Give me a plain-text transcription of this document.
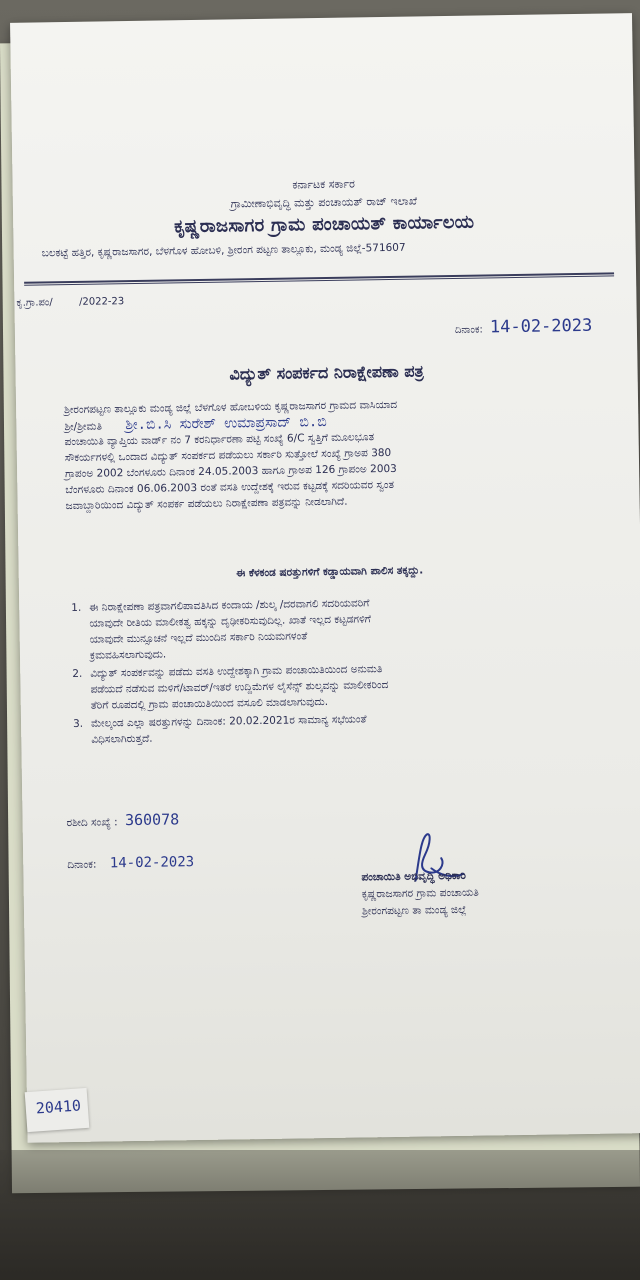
ಕರ್ನಾಟಕ ಸರ್ಕಾರ
ಗ್ರಾಮೀಣಾಭಿವೃದ್ಧಿ ಮತ್ತು ಪಂಚಾಯತ್ ರಾಜ್ ಇಲಾಖೆ
ಕೃಷ್ಣರಾಜಸಾಗರ ಗ್ರಾಮ ಪಂಚಾಯತ್ ಕಾರ್ಯಾಲಯ
ಬಲಕಟ್ಟೆ ಹತ್ತಿರ, ಕೃಷ್ಣರಾಜಸಾಗರ, ಬೆಳಗೊಳ ಹೋಬಳಿ, ಶ್ರೀರಂಗ ಪಟ್ಟಣ ತಾಲ್ಲೂಕು, ಮಂಡ್ಯ ಜಿಲ್ಲೆ-571607
ಕೃ.ಗ್ರಾ.ಪಂ/	/2022-23
ದಿನಾಂಕ: 14-02-2023
ವಿದ್ಯುತ್ ಸಂಪರ್ಕದ ನಿರಾಕ್ಷೇಪಣಾ ಪತ್ರ
ಶ್ರೀರಂಗಪಟ್ಟಣ ತಾಲ್ಲೂಕು ಮಂಡ್ಯ ಜಿಲ್ಲೆ ಬೆಳಗೊಳ ಹೋಬಳಿಯ ಕೃಷ್ಣರಾಜಸಾಗರ ಗ್ರಾಮದ ವಾಸಿಯಾದ
ಶ್ರೀ/ಶ್ರೀಮತಿ ಶ್ರೀ.ಬಿ.ಸಿ ಸುರೇಶ್ ಉಮಾಪ್ರಸಾದ್ ಬಿ.ಬಿ
ಪಂಚಾಯಿತಿ ವ್ಯಾಪ್ತಿಯ ವಾರ್ಡ್ ನಂ 7 ಕರನಿರ್ಧಾರಣಾ ಪಟ್ಟಿ ಸಂಖ್ಯೆ 6/C ಸ್ವತ್ತಿಗೆ ಮೂಲಭೂತ
ಸೌಕರ್ಯಗಳಲ್ಲಿ ಒಂದಾದ ವಿದ್ಯುತ್ ಸಂಪರ್ಕದ ಪಡೆಯಲು ಸರ್ಕಾರಿ ಸುತ್ತೋಲೆ ಸಂಖ್ಯೆ ಗ್ರಾಅಪ 380
ಗ್ರಾಪಂಅ 2002 ಬೆಂಗಳೂರು ದಿನಾಂಕ 24.05.2003 ಹಾಗೂ ಗ್ರಾಅಪ 126 ಗ್ರಾಪಂಅ 2003
ಬೆಂಗಳೂರು ದಿನಾಂಕ 06.06.2003 ರಂತೆ ವಸತಿ ಉದ್ದೇಶಕ್ಕೆ ಇರುವ ಕಟ್ಟಡಕ್ಕೆ ಸದರಿಯವರ ಸ್ವಂತ
ಜವಾಬ್ದಾರಿಯಿಂದ ವಿದ್ಯುತ್ ಸಂಪರ್ಕ ಪಡೆಯಲು ನಿರಾಕ್ಷೇಪಣಾ ಪತ್ರವನ್ನು ನೀಡಲಾಗಿದೆ.
ಈ ಕೆಳಕಂಡ ಷರತ್ತುಗಳಿಗೆ ಕಡ್ಡಾಯವಾಗಿ ಪಾಲಿಸ ತಕ್ಕದ್ದು.
1. ಈ ನಿರಾಕ್ಷೇಪಣಾ ಪತ್ರವಾಗಲಿಪಾವತಿಸಿದ ಕಂದಾಯ /ಶುಲ್ಕ /ದರವಾಗಲಿ ಸದರಿಯವರಿಗೆ
ಯಾವುದೇ ರೀತಿಯ ಮಾಲೀಕತ್ವ ಹಕ್ಕನ್ನು ದೃಢೀಕರಿಸುವುದಿಲ್ಲ. ಖಾತೆ ಇಲ್ಲದ ಕಟ್ಟಡಗಳಿಗೆ
ಯಾವುದೇ ಮುನ್ಸೂಚನೆ ಇಲ್ಲದೆ ಮುಂದಿನ ಸರ್ಕಾರಿ ನಿಯಮಗಳಂತೆ
ಕ್ರಮವಹಿಸಲಾಗುವುದು.
2. ವಿದ್ಯುತ್ ಸಂಪರ್ಕವನ್ನು ಪಡೆದು ವಸತಿ ಉದ್ದೇಶಕ್ಕಾಗಿ ಗ್ರಾಮ ಪಂಚಾಯಿತಿಯಿಂದ ಅನುಮತಿ
ಪಡೆಯದೆ ನಡೆಸುವ ಮಳಿಗೆ/ಟಾವರ್/ಇತರೆ ಉದ್ದಿಮೆಗಳ ಲೈಸೆನ್ಸ್ ಶುಲ್ಕವನ್ನು ಮಾಲೀಕರಿಂದ
ತೆರಿಗೆ ರೂಪದಲ್ಲಿ ಗ್ರಾಮ ಪಂಚಾಯಿತಿಯಿಂದ ವಸೂಲಿ ಮಾಡಲಾಗುವುದು.
3. ಮೇಲ್ಕಂಡ ಎಲ್ಲಾ ಷರತ್ತುಗಳನ್ನು ದಿನಾಂಕ: 20.02.2021ರ ಸಾಮಾನ್ಯ ಸಭೆಯಂತೆ
ವಿಧಿಸಲಾಗಿರುತ್ತದೆ.
ರಶೀದಿ ಸಂಖ್ಯೆ : 360078
ದಿನಾಂಕ: 14-02-2023
ಪಂಚಾಯಿತಿ ಅಭಿವೃದ್ಧಿ ಅಧಿಕಾರಿ
ಕೃಷ್ಣರಾಜಸಾಗರ ಗ್ರಾಮ ಪಂಚಾಯತಿ
ಶ್ರೀರಂಗಪಟ್ಟಣ ತಾ ಮಂಡ್ಯ ಜಿಲ್ಲೆ
20410
